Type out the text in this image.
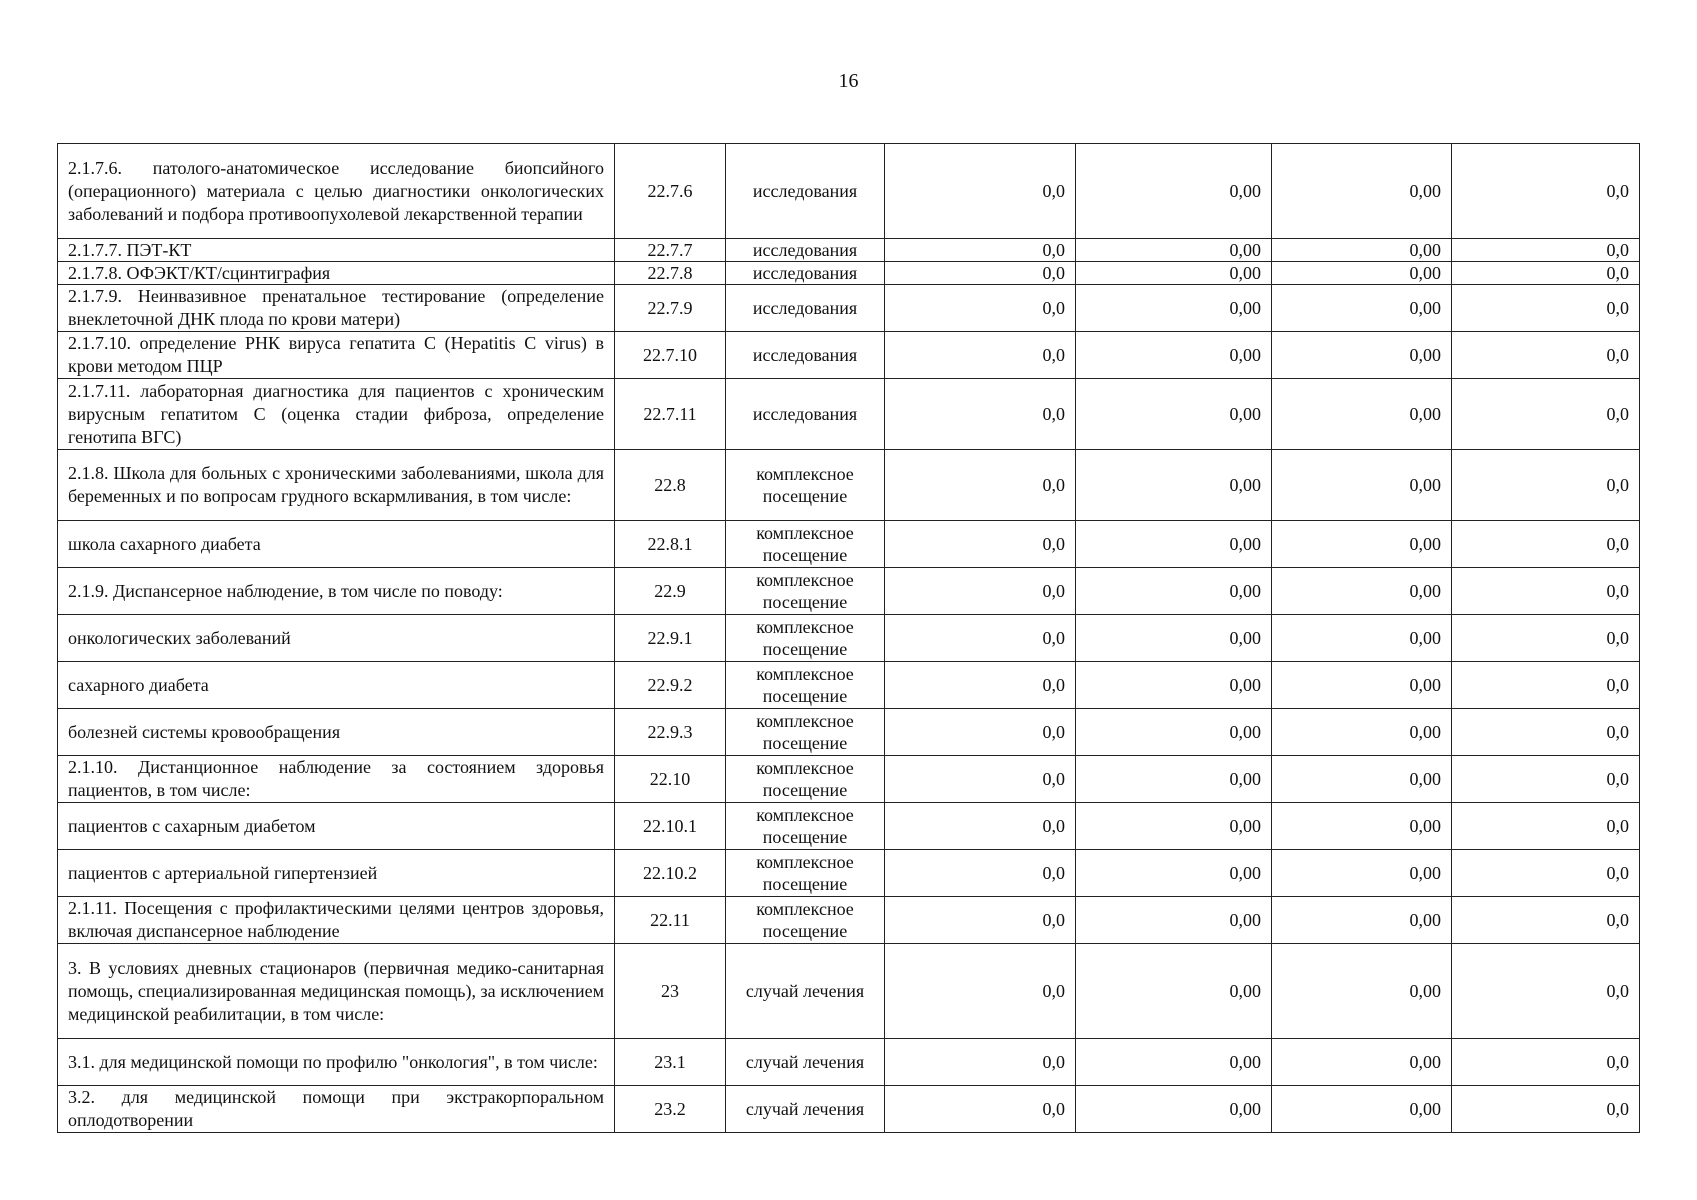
16
2.1.7.6. патолого-анатомическое исследование биопсийного (операционного) материала с целью диагностики онкологических заболеваний и подбора противоопухолевой лекарственной терапии	22.7.6	исследования	0,0	0,00	0,00	0,0
2.1.7.7. ПЭТ-КТ	22.7.7	исследования	0,0	0,00	0,00	0,0
2.1.7.8. ОФЭКТ/КТ/сцинтиграфия	22.7.8	исследования	0,0	0,00	0,00	0,0
2.1.7.9. Неинвазивное пренатальное тестирование (определение внеклеточной ДНК плода по крови матери)	22.7.9	исследования	0,0	0,00	0,00	0,0
2.1.7.10. определение РНК вируса гепатита С (Hepatitis C virus) в крови методом ПЦР	22.7.10	исследования	0,0	0,00	0,00	0,0
2.1.7.11. лабораторная диагностика для пациентов с хроническим вирусным гепатитом С (оценка стадии фиброза, определение генотипа ВГС)	22.7.11	исследования	0,0	0,00	0,00	0,0
2.1.8. Школа для больных с хроническими заболеваниями, школа для беременных и по вопросам грудного вскармливания, в том числе:	22.8	комплексное посещение	0,0	0,00	0,00	0,0
школа сахарного диабета	22.8.1	комплексное посещение	0,0	0,00	0,00	0,0
2.1.9. Диспансерное наблюдение, в том числе по поводу:	22.9	комплексное посещение	0,0	0,00	0,00	0,0
онкологических заболеваний	22.9.1	комплексное посещение	0,0	0,00	0,00	0,0
сахарного диабета	22.9.2	комплексное посещение	0,0	0,00	0,00	0,0
болезней системы кровообращения	22.9.3	комплексное посещение	0,0	0,00	0,00	0,0
2.1.10. Дистанционное наблюдение за состоянием здоровья пациентов, в том числе:	22.10	комплексное посещение	0,0	0,00	0,00	0,0
пациентов с сахарным диабетом	22.10.1	комплексное посещение	0,0	0,00	0,00	0,0
пациентов с артериальной гипертензией	22.10.2	комплексное посещение	0,0	0,00	0,00	0,0
2.1.11. Посещения с профилактическими целями центров здоровья, включая диспансерное наблюдение	22.11	комплексное посещение	0,0	0,00	0,00	0,0
3. В условиях дневных стационаров (первичная медико-санитарная помощь, специализированная медицинская помощь), за исключением медицинской реабилитации, в том числе:	23	случай лечения	0,0	0,00	0,00	0,0
3.1. для медицинской помощи по профилю "онкология", в том числе:	23.1	случай лечения	0,0	0,00	0,00	0,0
3.2. для медицинской помощи при экстракорпоральном оплодотворении	23.2	случай лечения	0,0	0,00	0,00	0,0
